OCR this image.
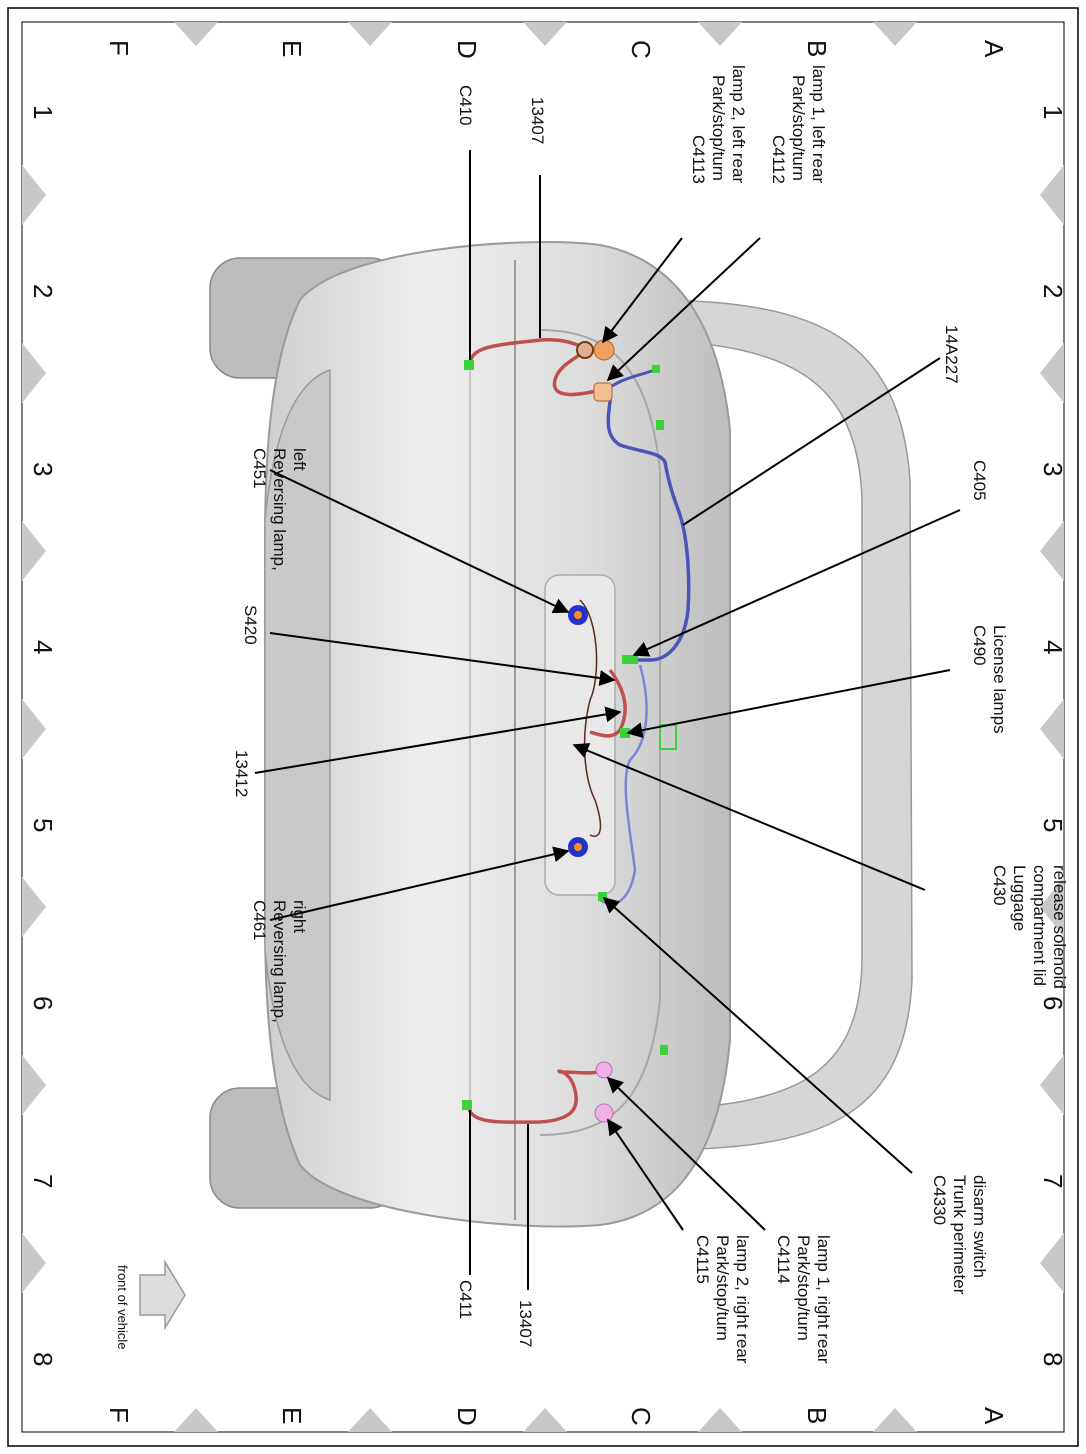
A
B
C
D
E
F
A
B
C
D
E
F
1
2
3
4
5
6
7
8
1
2
3
4
5
6
7
8
C4112 Park/stop/turn lamp 1, left rear
C4113 Park/stop/turn lamp 2, left rear
13407
C410
14A227
C405
C451 Reversing lamp, left
S420
C490 License lamps
13412
C430 Luggage compartment lid release solenoid
C461 Reversing lamp, right
C4330 Trunk perimeter disarm switch
C4114 Park/stop/turn lamp 1, right rear
C4115 Park/stop/turn lamp 2, right rear
C411
13407
front of vehicle
